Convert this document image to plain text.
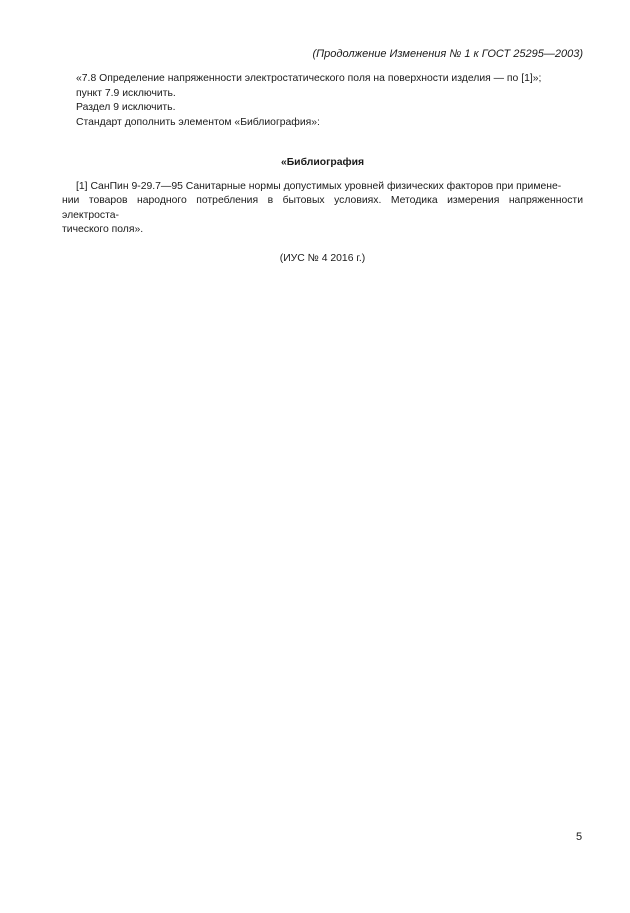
(Продолжение Изменения № 1 к ГОСТ 25295—2003)

«7.8 Определение напряженности электростатического поля на поверхности изделия — по [1]»;

пункт 7.9 исключить.

Раздел 9 исключить.

Стандарт дополнить элементом «Библиография»:

«Библиография

[1] СанПин 9-29.7—95 Санитарные нормы допустимых уровней физических факторов при примене-
нии товаров народного потребления в бытовых условиях. Методика измерения напряженности электроста-
тического поля».

(ИУС № 4 2016 г.)
5
